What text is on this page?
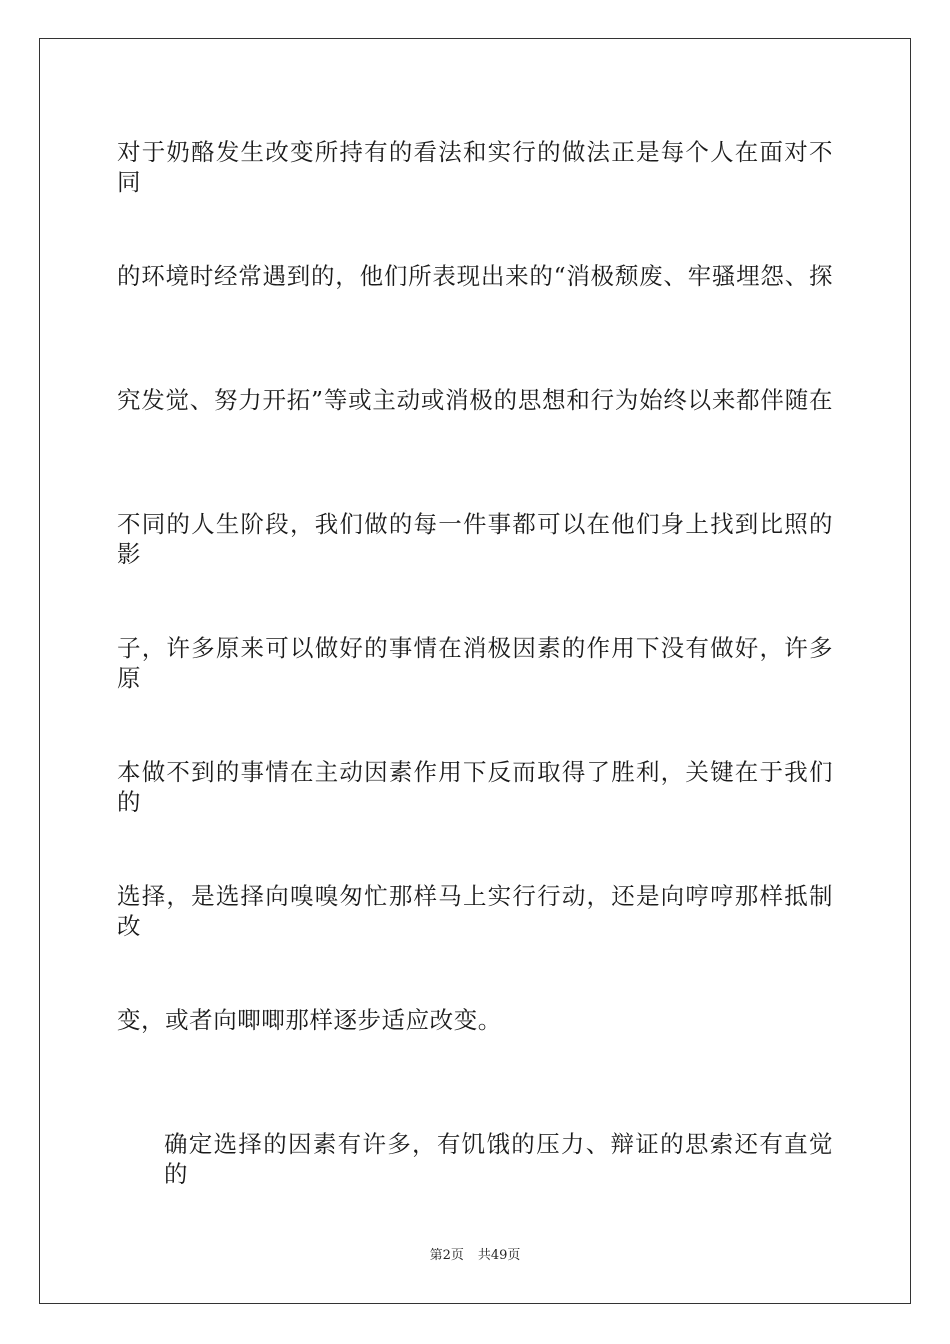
对于奶酪发生改变所持有的看法和实行的做法正是每个人在面对不同
的环境时经常遇到的，他们所表现出来的“消极颓废、牢骚埋怨、探
究发觉、努力开拓”等或主动或消极的思想和行为始终以来都伴随在
不同的人生阶段，我们做的每一件事都可以在他们身上找到比照的影
子，许多原来可以做好的事情在消极因素的作用下没有做好，许多原
本做不到的事情在主动因素作用下反而取得了胜利，关键在于我们的
选择，是选择向嗅嗅匆忙那样马上实行行动，还是向哼哼那样抵制改
变，或者向唧唧那样逐步适应改变。
确定选择的因素有许多，有饥饿的压力、辩证的思索还有直觉的
第2页 共49页
